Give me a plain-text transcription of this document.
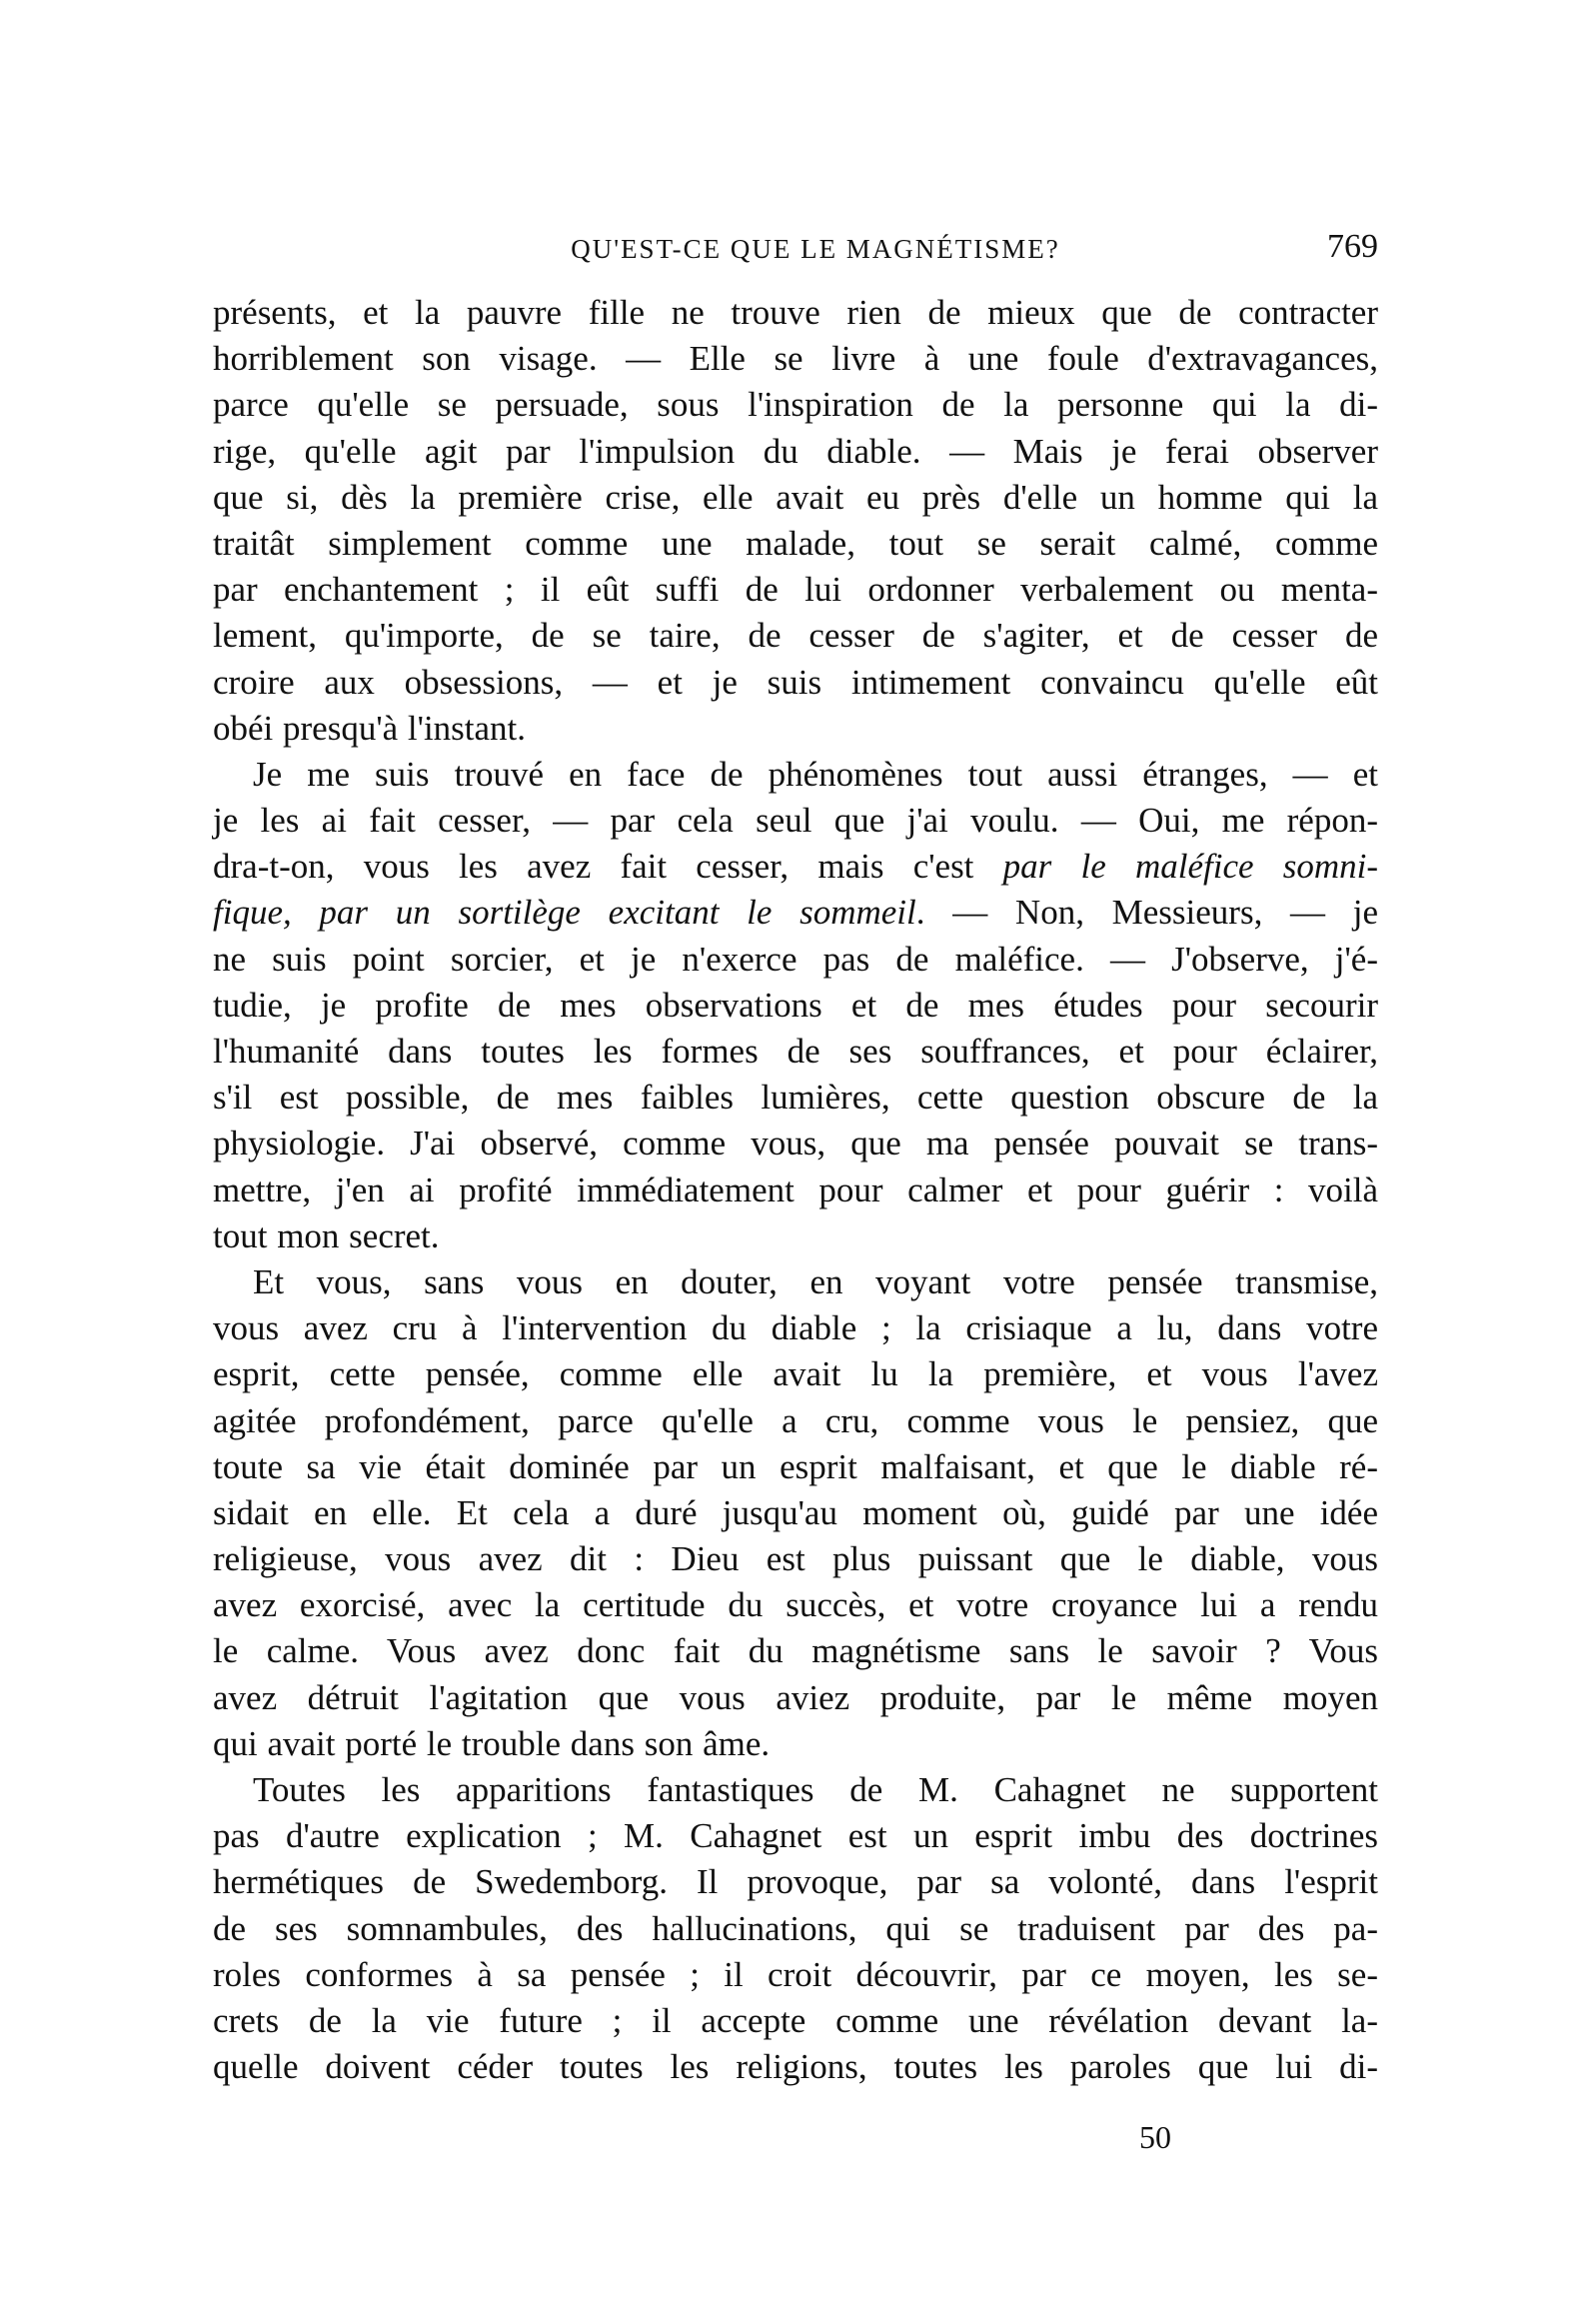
QU'EST-CE QUE LE MAGNÉTISME?	769
présents, et la pauvre fille ne trouve rien de mieux que de contracter
horriblement son visage. — Elle se livre à une foule d'extravagances,
parce qu'elle se persuade, sous l'inspiration de la personne qui la di-
rige, qu'elle agit par l'impulsion du diable. — Mais je ferai observer
que si, dès la première crise, elle avait eu près d'elle un homme qui la
traitât simplement comme une malade, tout se serait calmé, comme
par enchantement ; il eût suffi de lui ordonner verbalement ou menta-
lement, qu'importe, de se taire, de cesser de s'agiter, et de cesser de
croire aux obsessions, — et je suis intimement convaincu qu'elle eût
obéi presqu'à l'instant.
Je me suis trouvé en face de phénomènes tout aussi étranges, — et
je les ai fait cesser, — par cela seul que j'ai voulu. — Oui, me répon-
dra-t-on, vous les avez fait cesser, mais c'est par le maléfice somni-
fique, par un sortilège excitant le sommeil. — Non, Messieurs, — je
ne suis point sorcier, et je n'exerce pas de maléfice. — J'observe, j'é-
tudie, je profite de mes observations et de mes études pour secourir
l'humanité dans toutes les formes de ses souffrances, et pour éclairer,
s'il est possible, de mes faibles lumières, cette question obscure de la
physiologie. J'ai observé, comme vous, que ma pensée pouvait se trans-
mettre, j'en ai profité immédiatement pour calmer et pour guérir : voilà
tout mon secret.
Et vous, sans vous en douter, en voyant votre pensée transmise,
vous avez cru à l'intervention du diable ; la crisiaque a lu, dans votre
esprit, cette pensée, comme elle avait lu la première, et vous l'avez
agitée profondément, parce qu'elle a cru, comme vous le pensiez, que
toute sa vie était dominée par un esprit malfaisant, et que le diable ré-
sidait en elle. Et cela a duré jusqu'au moment où, guidé par une idée
religieuse, vous avez dit : Dieu est plus puissant que le diable, vous
avez exorcisé, avec la certitude du succès, et votre croyance lui a rendu
le calme. Vous avez donc fait du magnétisme sans le savoir ? Vous
avez détruit l'agitation que vous aviez produite, par le même moyen
qui avait porté le trouble dans son âme.
Toutes les apparitions fantastiques de M. Cahagnet ne supportent
pas d'autre explication ; M. Cahagnet est un esprit imbu des doctrines
hermétiques de Swedemborg. Il provoque, par sa volonté, dans l'esprit
de ses somnambules, des hallucinations, qui se traduisent par des pa-
roles conformes à sa pensée ; il croit découvrir, par ce moyen, les se-
crets de la vie future ; il accepte comme une révélation devant la-
quelle doivent céder toutes les religions, toutes les paroles que lui di-
50
